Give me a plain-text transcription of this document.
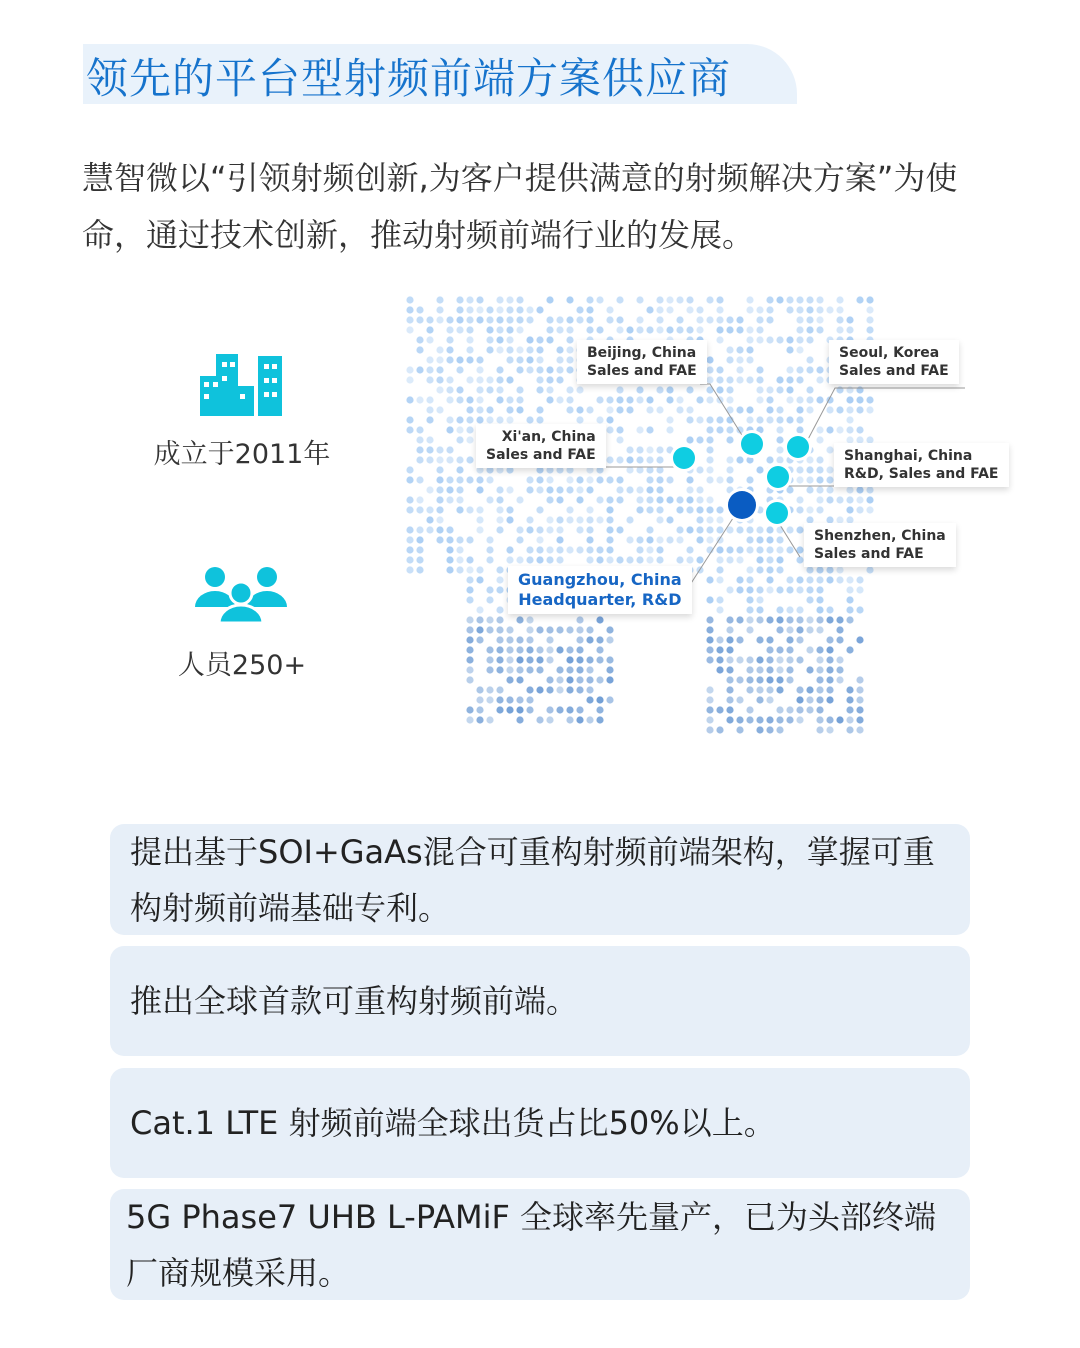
领先的平台型射频前端方案供应商
慧智微以“引领射频创新,为客户提供满意的射频解决方案”为使命，通过技术创新，推动射频前端行业的发展。
成立于2011年
人员250+
Beijing, China
Sales and FAE
Seoul, Korea
Sales and FAE
Xi'an, China
Sales and FAE	Shanghai, China
R&D, Sales and FAE
Shenzhen, China
Sales and FAE
Guangzhou, China
Headquarter, R&D
提出基于SOI+GaAs混合可重构射频前端架构，掌握可重构射频前端基础专利。
推出全球首款可重构射频前端。
Cat.1 LTE 射频前端全球出货占比50%以上。
5G Phase7 UHB L-PAMiF 全球率先量产，已为头部终端厂商规模采用。
